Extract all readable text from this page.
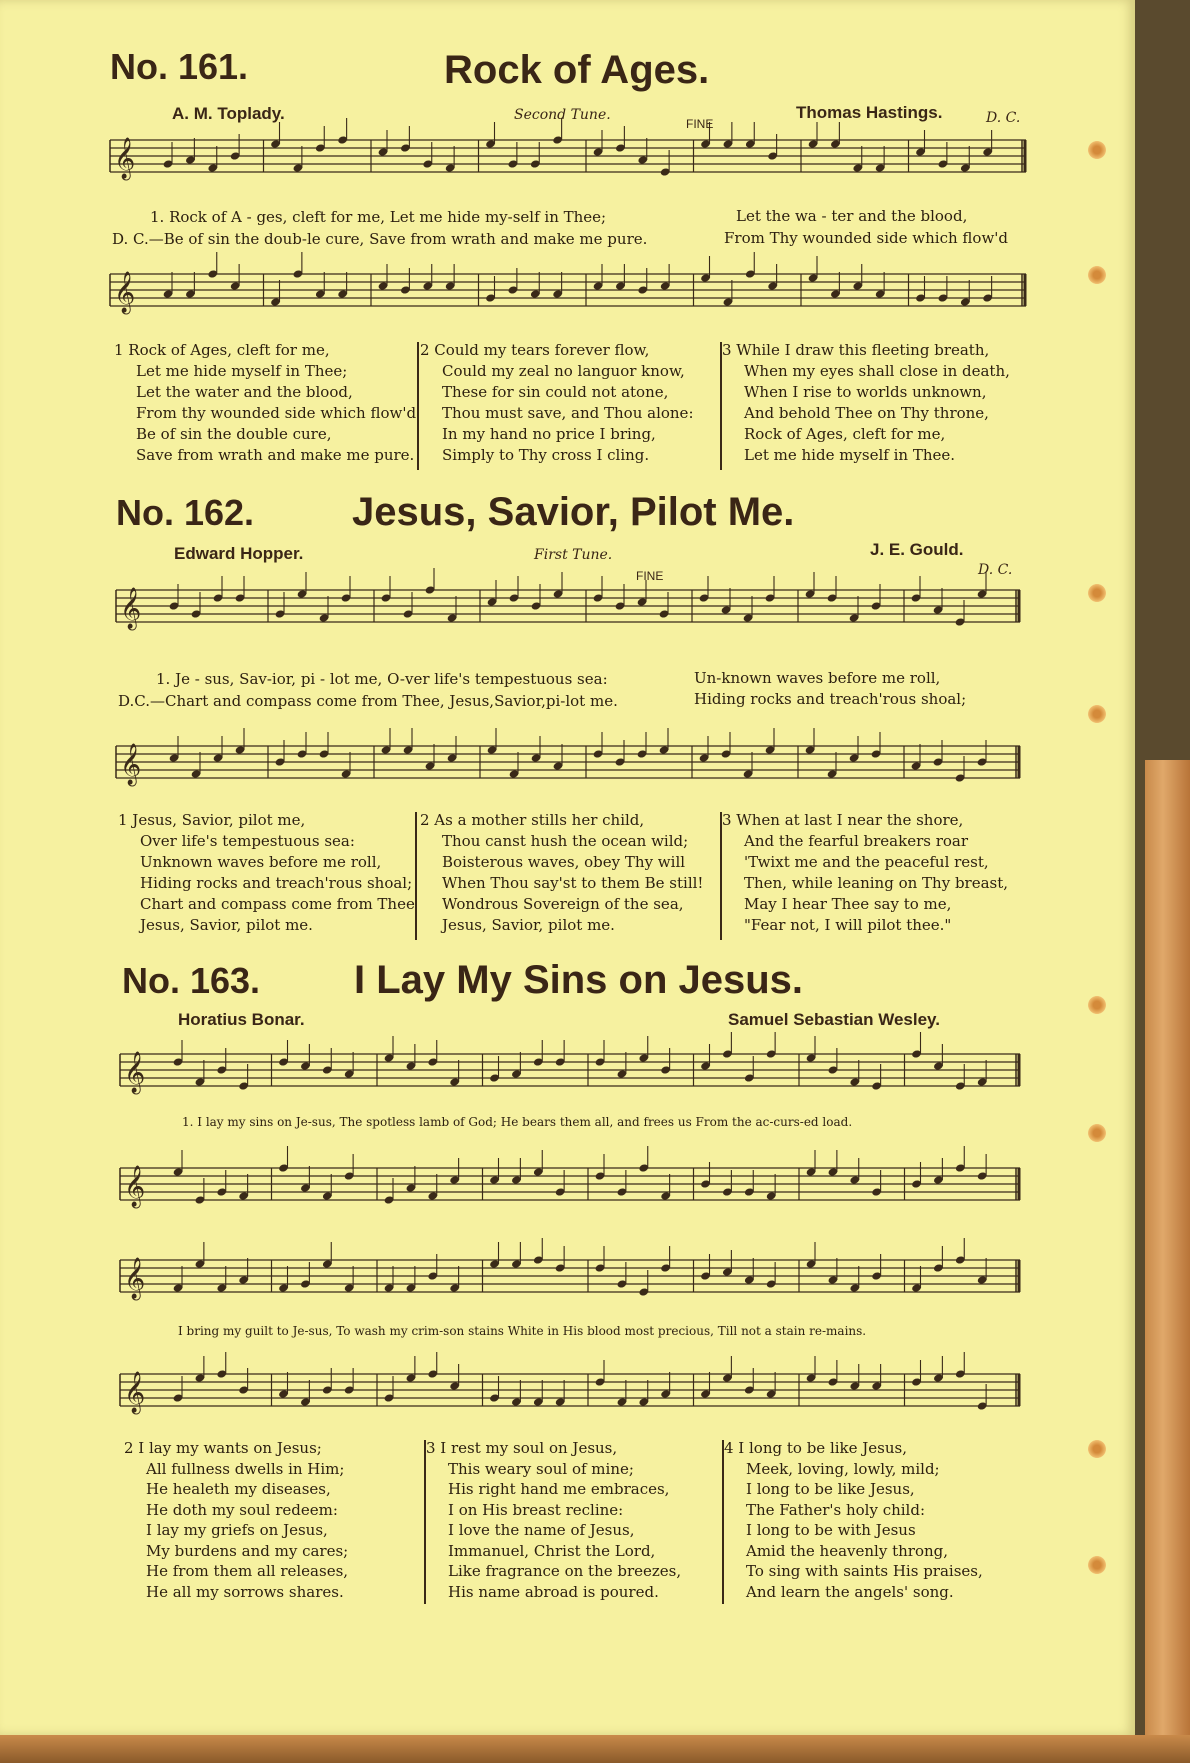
No. 161.	Rock of Ages.
A. M. Toplady.	Second Tune.
FINE
Thomas Hastings.	D. C.
𝄞
1. Rock of A - ges, cleft for me, Let me hide my-self in Thee;
D. C.—Be of sin the doub-le cure, Save from wrath and make me pure.
Let the wa - ter and the blood,
From Thy wounded side which flow'd
𝄞
1 Rock of Ages, cleft for me,
Let me hide myself in Thee;
Let the water and the blood,
From thy wounded side which flow'd
Be of sin the double cure,
Save from wrath and make me pure.
2 Could my tears forever flow,
Could my zeal no languor know,
These for sin could not atone,
Thou must save, and Thou alone:
In my hand no price I bring,
Simply to Thy cross I cling.
3 While I draw this fleeting breath,
When my eyes shall close in death,
When I rise to worlds unknown,
And behold Thee on Thy throne,
Rock of Ages, cleft for me,
Let me hide myself in Thee.
No. 162. Jesus, Savior, Pilot Me.
Edward Hopper.	First Tune.
FINE
J. E. Gould.
D. C.
𝄞
1. Je - sus, Sav-ior, pi - lot me, O-ver life's tempestuous sea:
D.C.—Chart and compass come from Thee, Jesus,Savior,pi-lot me.
Un-known waves before me roll,
Hiding rocks and treach'rous shoal;
𝄞
1 Jesus, Savior, pilot me,
Over life's tempestuous sea:
Unknown waves before me roll,
Hiding rocks and treach'rous shoal;
Chart and compass come from Thee
Jesus, Savior, pilot me.
2 As a mother stills her child,
Thou canst hush the ocean wild;
Boisterous waves, obey Thy will
When Thou say'st to them Be still!
Wondrous Sovereign of the sea,
Jesus, Savior, pilot me.
3 When at last I near the shore,
And the fearful breakers roar
'Twixt me and the peaceful rest,
Then, while leaning on Thy breast,
May I hear Thee say to me,
"Fear not, I will pilot thee."
No. 163. I Lay My Sins on Jesus.
Horatius Bonar.	Samuel Sebastian Wesley.
𝄞
1. I lay my sins on Je-sus, The spotless lamb of God; He bears them all, and frees us From the ac-curs-ed load.
𝄞
𝄞
I bring my guilt to Je-sus, To wash my crim-son stains White in His blood most precious, Till not a stain re-mains.
𝄞
2 I lay my wants on Jesus;
All fullness dwells in Him;
He healeth my diseases,
He doth my soul redeem:
I lay my griefs on Jesus,
My burdens and my cares;
He from them all releases,
He all my sorrows shares.
3 I rest my soul on Jesus,
This weary soul of mine;
His right hand me embraces,
I on His breast recline:
I love the name of Jesus,
Immanuel, Christ the Lord,
Like fragrance on the breezes,
His name abroad is poured.
4 I long to be like Jesus,
Meek, loving, lowly, mild;
I long to be like Jesus,
The Father's holy child:
I long to be with Jesus
Amid the heavenly throng,
To sing with saints His praises,
And learn the angels' song.
